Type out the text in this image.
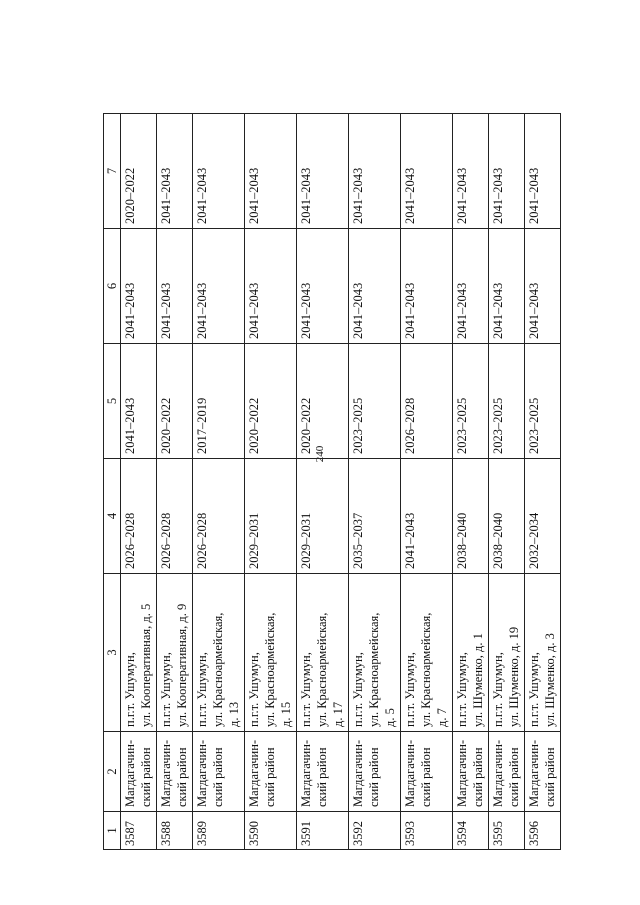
240
1	2	3	4	5	6	7
3587	Магдагачин- ский район	п.г.т. Ушумун, ул. Кооперативная, д. 5	2026–2028	2041–2043	2041–2043	2020–2022
3588	Магдагачин- ский район	п.г.т. Ушумун, ул. Кооперативная, д. 9	2026–2028	2020–2022	2041–2043	2041–2043
3589	Магдагачин- ский район	п.г.т. Ушумун, ул. Красноармейская, д. 13	2026–2028	2017–2019	2041–2043	2041–2043
3590	Магдагачин- ский район	п.г.т. Ушумун, ул. Красноармейская, д. 15	2029–2031	2020–2022	2041–2043	2041–2043
3591	Магдагачин- ский район	п.г.т. Ушумун, ул. Красноармейская, д. 17	2029–2031	2020–2022	2041–2043	2041–2043
3592	Магдагачин- ский район	п.г.т. Ушумун, ул. Красноармейская, д. 5	2035–2037	2023–2025	2041–2043	2041–2043
3593	Магдагачин- ский район	п.г.т. Ушумун, ул. Красноармейская, д. 7	2041–2043	2026–2028	2041–2043	2041–2043
3594	Магдагачин- ский район	п.г.т. Ушумун, ул. Шуменко, д. 1	2038–2040	2023–2025	2041–2043	2041–2043
3595	Магдагачин- ский район	п.г.т. Ушумун, ул. Шуменко, д. 19	2038–2040	2023–2025	2041–2043	2041–2043
3596	Магдагачин- ский район	п.г.т. Ушумун, ул. Шуменко, д. 3	2032–2034	2023–2025	2041–2043	2041–2043
